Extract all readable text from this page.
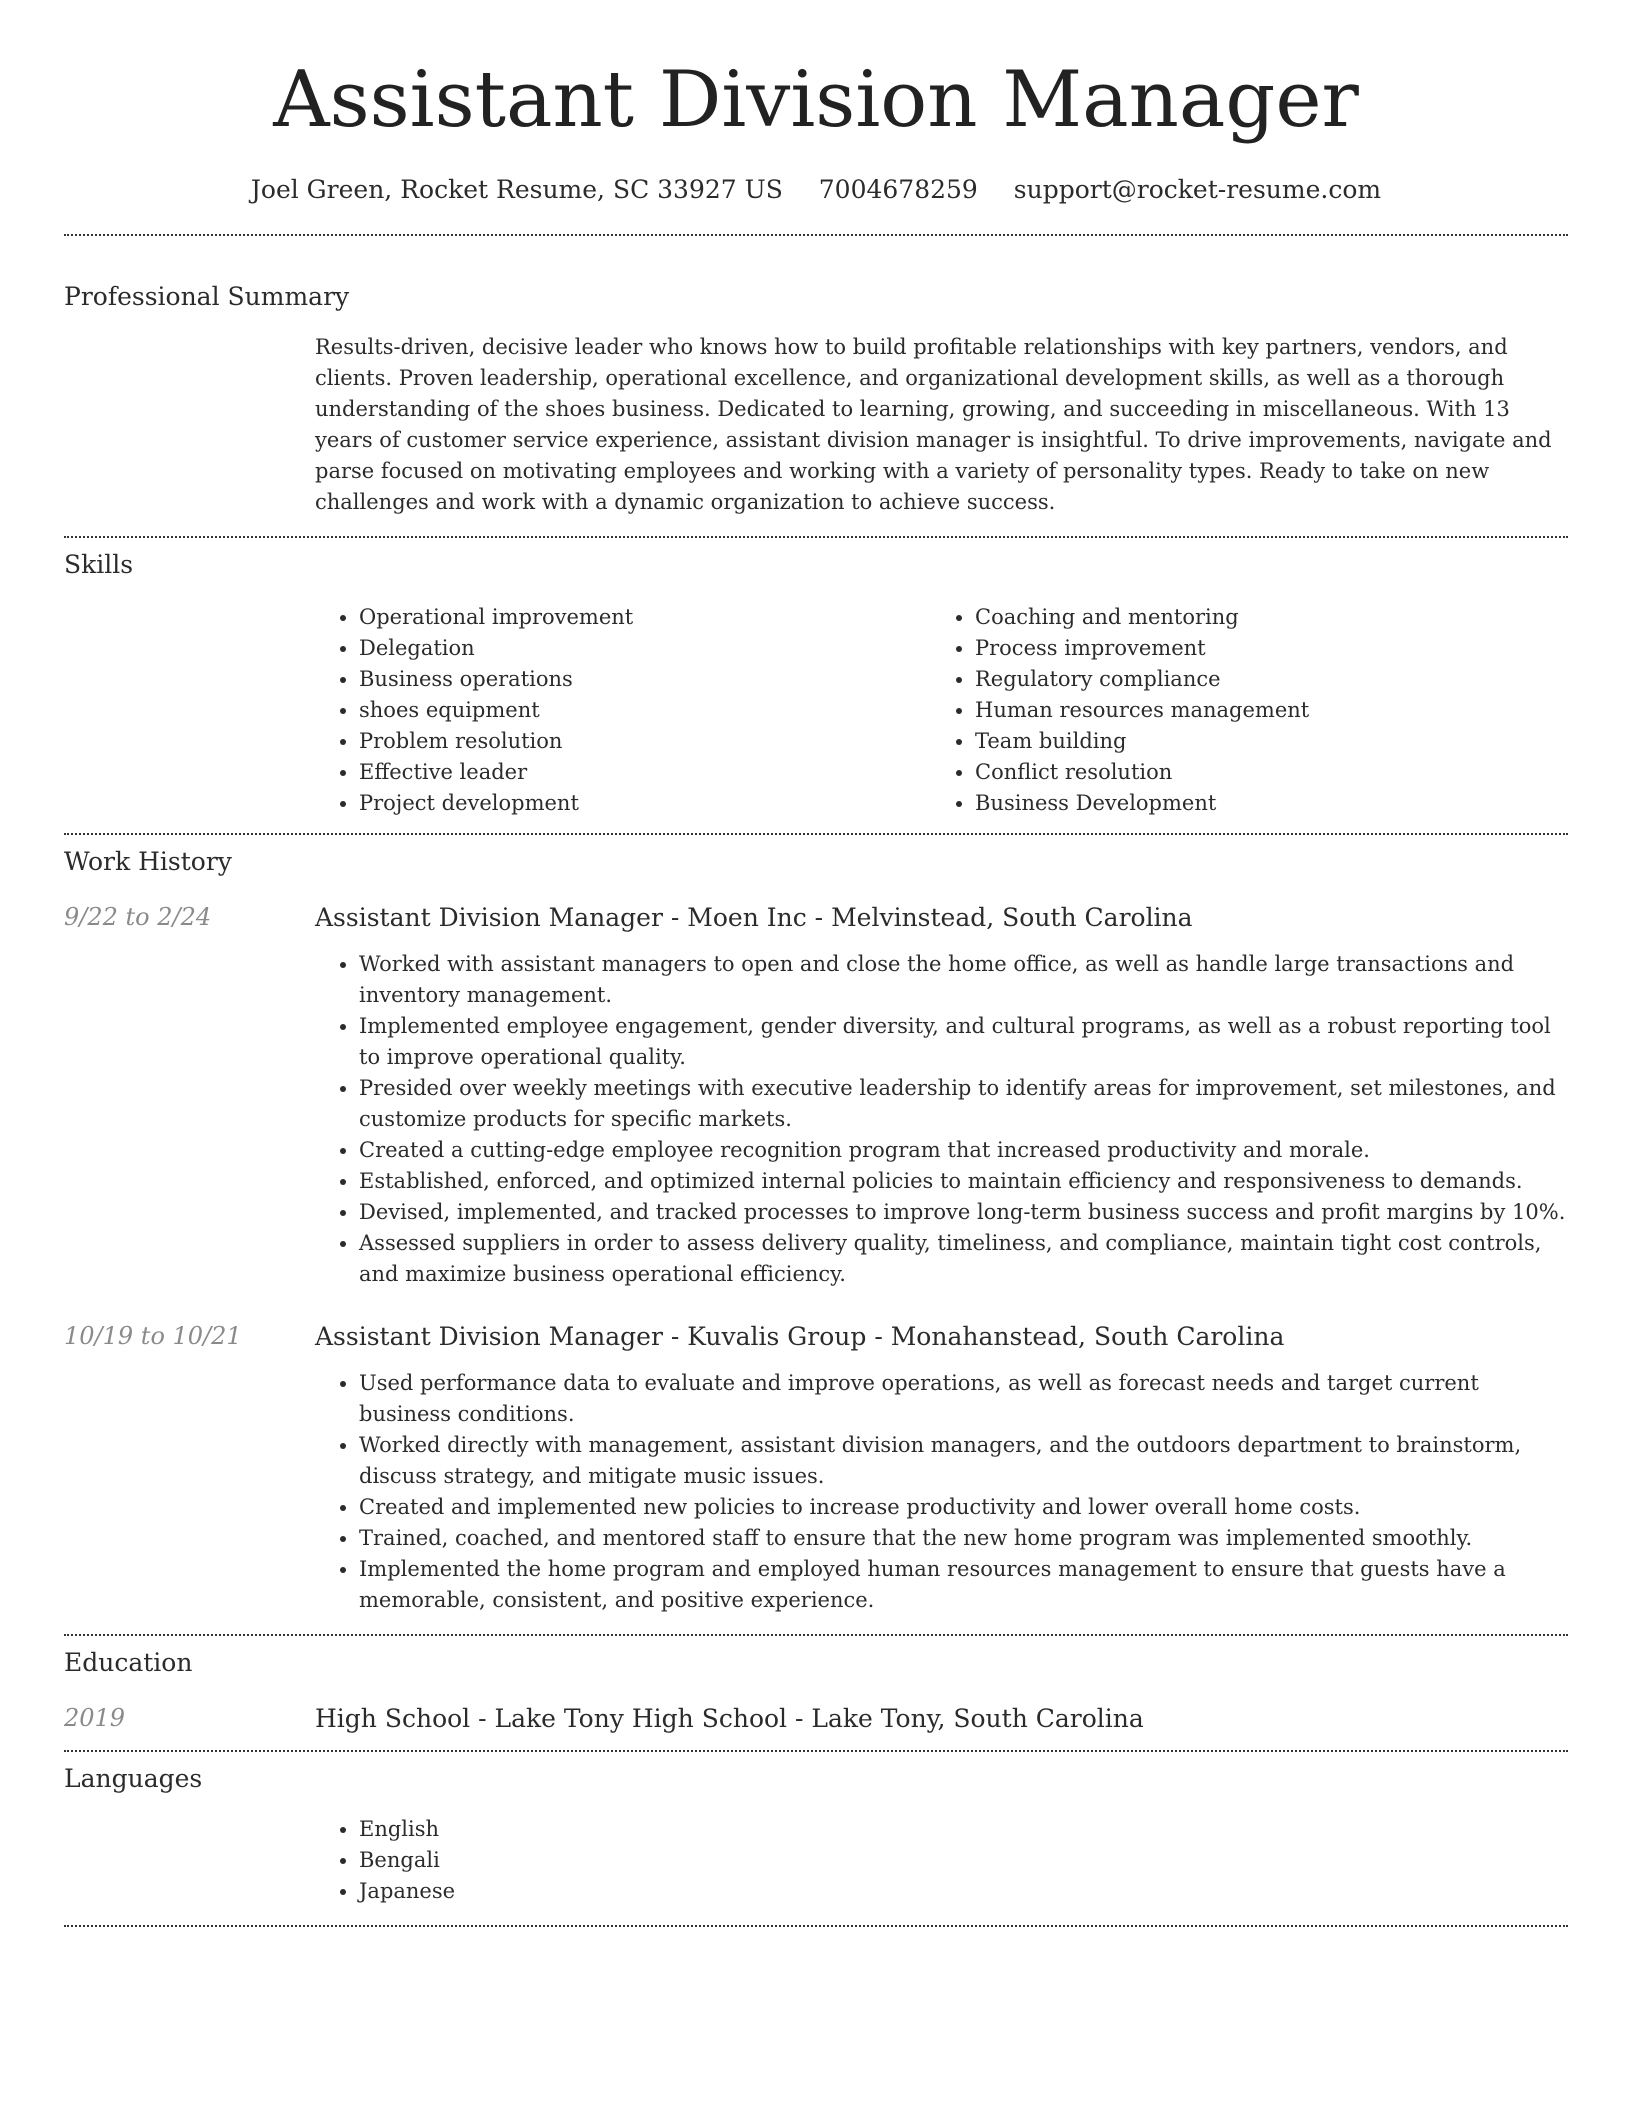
Assistant Division Manager
Joel Green, Rocket Resume, SC 33927 US 7004678259 support@rocket-resume.com
Professional Summary
Results-driven, decisive leader who knows how to build profitable relationships with key partners, vendors, and clients. Proven leadership, operational excellence, and organizational development skills, as well as a thorough understanding of the shoes business. Dedicated to learning, growing, and succeeding in miscellaneous. With 13 years of customer service experience, assistant division manager is insightful. To drive improvements, navigate and parse focused on motivating employees and working with a variety of personality types. Ready to take on new challenges and work with a dynamic organization to achieve success.
Skills
• Operational improvement
• Delegation
• Business operations
• shoes equipment
• Problem resolution
• Effective leader
• Project development
• Coaching and mentoring
• Process improvement
• Regulatory compliance
• Human resources management
• Team building
• Conflict resolution
• Business Development
Work History
9/22 to 2/24	Assistant Division Manager - Moen Inc - Melvinstead, South Carolina
• Worked with assistant managers to open and close the home office, as well as handle large transactions and inventory management.
• Implemented employee engagement, gender diversity, and cultural programs, as well as a robust reporting tool to improve operational quality.
• Presided over weekly meetings with executive leadership to identify areas for improvement, set milestones, and customize products for specific markets.
• Created a cutting-edge employee recognition program that increased productivity and morale.
• Established, enforced, and optimized internal policies to maintain efficiency and responsiveness to demands.
• Devised, implemented, and tracked processes to improve long-term business success and profit margins by 10%.
• Assessed suppliers in order to assess delivery quality, timeliness, and compliance, maintain tight cost controls, and maximize business operational efficiency.
10/19 to 10/21	Assistant Division Manager - Kuvalis Group - Monahanstead, South Carolina
• Used performance data to evaluate and improve operations, as well as forecast needs and target current business conditions.
• Worked directly with management, assistant division managers, and the outdoors department to brainstorm, discuss strategy, and mitigate music issues.
• Created and implemented new policies to increase productivity and lower overall home costs.
• Trained, coached, and mentored staff to ensure that the new home program was implemented smoothly.
• Implemented the home program and employed human resources management to ensure that guests have a memorable, consistent, and positive experience.
Education
2019	High School - Lake Tony High School - Lake Tony, South Carolina
Languages
• English
• Bengali
• Japanese
